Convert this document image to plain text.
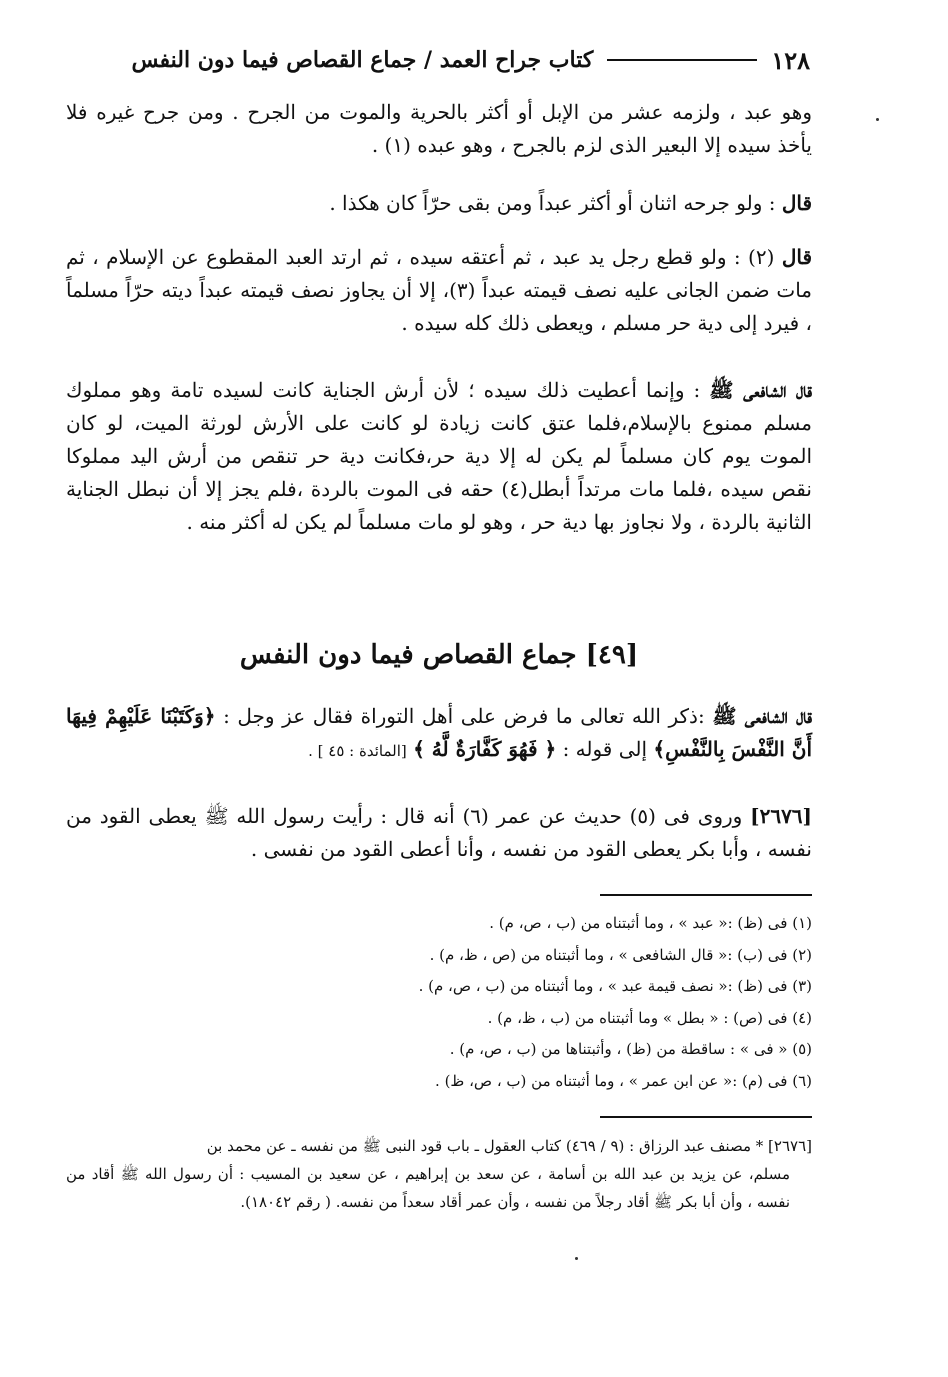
١٢٨
كتاب جراح العمد / جماع القصاص فيما دون النفس

وهو عبد ، ولزمه عشر من الإبل أو أكثر بالحرية والموت من الجرح . ومن جرح غيره فلا يأخذ سيده إلا البعير الذى لزم بالجرح ، وهو عبده (١) .

قال : ولو جرحه اثنان أو أكثر عبداً ومن بقى حرّاً كان هكذا .

قال (٢) : ولو قطع رجل يد عبد ، ثم أعتقه سيده ، ثم ارتد العبد المقطوع عن الإسلام ، ثم مات ضمن الجانى عليه نصف قيمته عبداً (٣)، إلا أن يجاوز نصف قيمته عبداً ديته حرّاً مسلماً ، فيرد إلى دية حر مسلم ، ويعطى ذلك كله سيده .

قال الشافعى ﷺ : وإنما أعطيت ذلك سيده ؛ لأن أرش الجناية كانت لسيده تامة وهو مملوك مسلم ممنوع بالإسلام،فلما عتق كانت زيادة لو كانت على الأرش لورثة الميت، لو كان الموت يوم كان مسلماً لم يكن له إلا دية حر،فكانت دية حر تنقص من أرش اليد مملوكا نقص سيده ،فلما مات مرتداً أبطل(٤) حقه فى الموت بالردة ،فلم يجز إلا أن نبطل الجناية الثانية بالردة ، ولا نجاوز بها دية حر ، وهو لو مات مسلماً لم يكن له أكثر منه .

[٤٩] جماع القصاص فيما دون النفس

قال الشافعى ﷺ :ذكر الله تعالى ما فرض على أهل التوراة فقال عز وجل : ﴿وَكَتَبْنَا عَلَيْهِمْ فِيهَا أَنَّ النَّفْسَ بِالنَّفْسِ﴾ إلى قوله : ﴿ فَهُوَ كَفَّارَةٌ لَّهُ ﴾ [المائدة : ٤٥ ] .

[٢٦٧٦] وروى فى (٥) حديث عن عمر (٦) أنه قال : رأيت رسول الله ﷺ يعطى القود من نفسه ، وأبا بكر يعطى القود من نفسه ، وأنا أعطى القود من نفسى .

(١) فى (ظ) :« عبد » ، وما أثبتناه من (ب ، ص، م) .

(٢) فى (ب) :« قال الشافعى » ، وما أثبتناه من (ص ، ظ، م) .

(٣) فى (ظ) :« نصف قيمة عبد » ، وما أثبتناه من (ب ، ص، م) .

(٤) فى (ص) : « بطل » وما أثبتناه من (ب ، ظ، م) .

(٥) « فى » : ساقطة من (ظ) ، وأثبتناها من (ب ، ص، م) .

(٦) فى (م) :« عن ابن عمر » ، وما أثبتناه من (ب ، ص، ظ) .

[٢٦٧٦] * مصنف عبد الرزاق : (٩ / ٤٦٩) كتاب العقول ـ باب قود النبى ﷺ من نفسه ـ عن محمد بن
مسلم، عن يزيد بن عبد الله بن أسامة ، عن سعد بن إبراهيم ، عن سعيد بن المسيب : أن رسول الله ﷺ أقاد من نفسه ، وأن أبا بكر ﷺ أقاد رجلاً من نفسه ، وأن عمر أقاد سعداً من نفسه. ( رقم ١٨٠٤٢).
